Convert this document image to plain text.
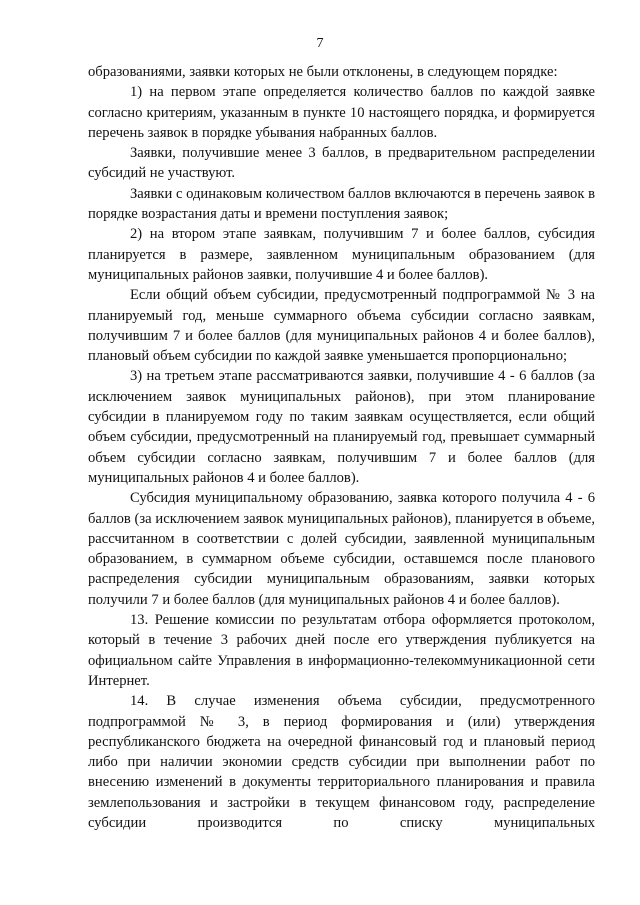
7

образованиями, заявки которых не были отклонены, в следующем порядке:

1) на первом этапе определяется количество баллов по каждой заявке согласно критериям, указанным в пункте 10 настоящего порядка, и формируется перечень заявок в порядке убывания набранных баллов.

Заявки, получившие менее 3 баллов, в предварительном распределении субсидий не участвуют.

Заявки с одинаковым количеством баллов включаются в перечень заявок в порядке возрастания даты и времени поступления заявок;

2) на втором этапе заявкам, получившим 7 и более баллов, субсидия планируется в размере, заявленном муниципальным образованием (для муниципальных районов заявки, получившие 4 и более баллов).

Если общий объем субсидии, предусмотренный подпрограммой № 3 на планируемый год, меньше суммарного объема субсидии согласно заявкам, получившим 7 и более баллов (для муниципальных районов 4 и более баллов), плановый объем субсидии по каждой заявке уменьшается пропорционально;

3) на третьем этапе рассматриваются заявки, получившие 4 - 6 баллов (за исключением заявок муниципальных районов), при этом планирование субсидии в планируемом году по таким заявкам осуществляется, если общий объем субсидии, предусмотренный на планируемый год, превышает суммарный объем субсидии согласно заявкам, получившим 7 и более баллов (для муниципальных районов 4 и более баллов).

Субсидия муниципальному образованию, заявка которого получила 4 - 6 баллов (за исключением заявок муниципальных районов), планируется в объеме, рассчитанном в соответствии с долей субсидии, заявленной муниципальным образованием, в суммарном объеме субсидии, оставшемся после планового распределения субсидии муниципальным образованиям, заявки которых получили 7 и более баллов (для муниципальных районов 4 и более баллов).

13. Решение комиссии по результатам отбора оформляется протоколом, который в течение 3 рабочих дней после его утверждения публикуется на официальном сайте Управления в информационно-телекоммуникационной сети Интернет.

14. В случае изменения объема субсидии, предусмотренного подпрограммой № 3, в период формирования и (или) утверждения республиканского бюджета на очередной финансовый год и плановый период либо при наличии экономии средств субсидии при выполнении работ по внесению изменений в документы территориального планирования и правила землепользования и застройки в текущем финансовом году, распределение субсидии производится по списку муниципальных
